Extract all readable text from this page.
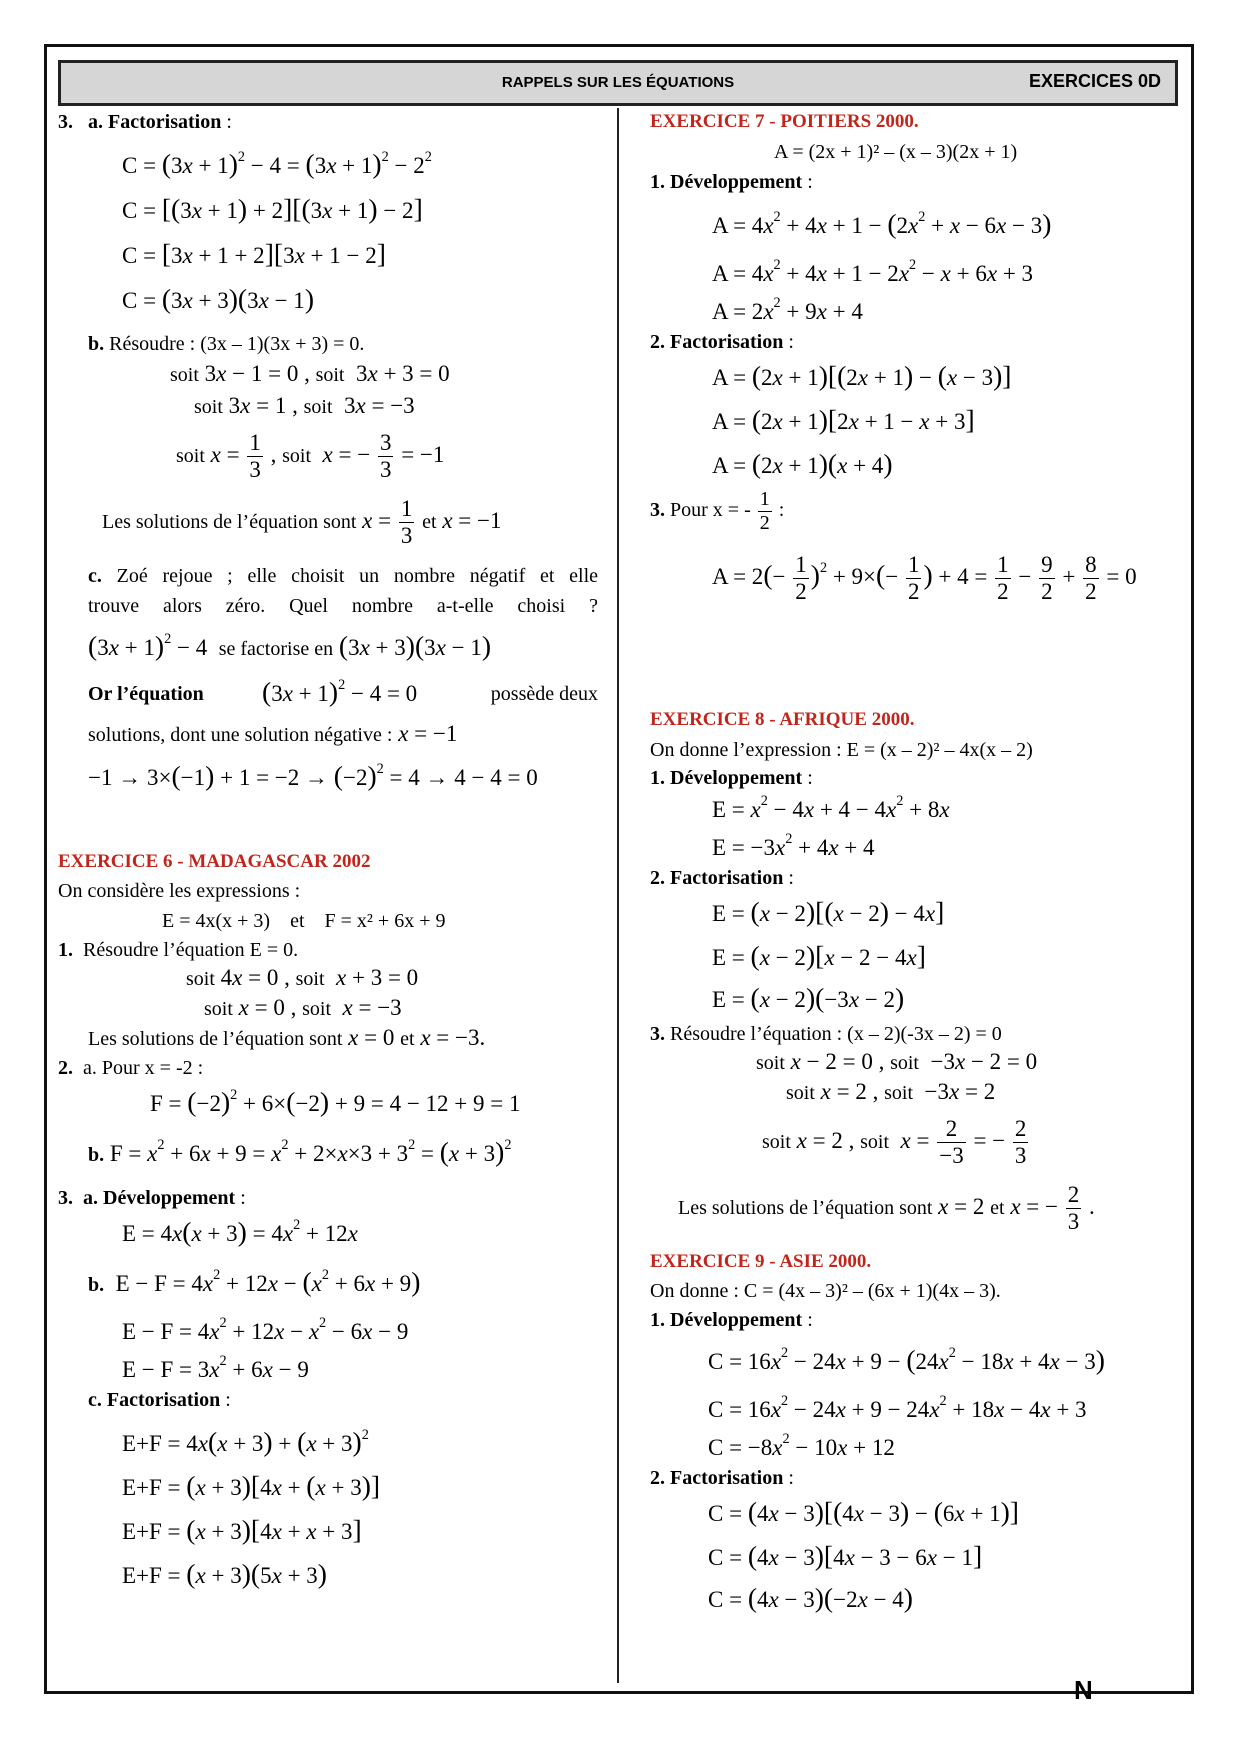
RAPPELS SUR LES ÉQUATIONS	EXERCICES 0D
N
3. a. Factorisation :
$C = (3x + 1)^2 - 4 = (3x + 1)^2 - 2^2$
C = [(3x + 1) + 2][(3x + 1) − 2]
C = [3x + 1 + 2][3x + 1 − 2]
C = (3x + 3)(3x − 1)
b. Résoudre : (3x – 1)(3x + 3) = 0.
soit 3x − 1 = 0 , soit  3x + 3 = 0
soit 3x = 1 , soit  3x = −3
soit $x = \frac{1}{3}$ , soit x = − $\frac{3}{3} = -1$
Les solutions de l’équation sont $x = \frac{1}{3}$ et x = −1
c. Zoé rejoue ; elle choisit un nombre négatif et elle
trouve alors zéro. Quel nombre a-t-elle choisi ?
$(3x + 1)^2 - 4$  se factorise en (3x + 3)(3x − 1)
Or l’équation $(3x + 1)^2 - 4 = 0$	possède deux
solutions, dont une solution négative : x = −1
$-1 \to 3\times(-1) + 1 = -2 \to (-2)^2 = 4 \to 4 - 4 = 0$
EXERCICE 6 - MADAGASCAR 2002
On considère les expressions :
E = 4x(x + 3)    et    F = x² + 6x + 9
1. Résoudre l’équation E = 0.
soit 4x = 0 , soit x + 3 = 0
soit x = 0 , soit x = −3
Les solutions de l’équation sont x = 0 et x = −3.
2. a. Pour x = -2 :
$F = (-2)^2 + 6\times(-2) + 9 = 4 - 12 + 9 = 1$
b. $F = x^2 + 6x + 9 = x^2 + 2\times x\times 3 + 3^2 = (x + 3)^2$
3. a. Développement :
$E = 4x(x + 3) = 4x^2 + 12x$
b.  $E - F = 4x^2 + 12x - (x^2 + 6x + 9)$
$E - F = 4x^2 + 12x - x^2 - 6x - 9$
$E - F = 3x^2 + 6x - 9$
c. Factorisation :
$E+F = 4x(x + 3) + (x + 3)^2$
E+F = (x + 3)[4x + (x + 3)]
E+F = (x + 3)[4x + x + 3]
E+F = (x + 3)(5x + 3)
EXERCICE 7 - POITIERS 2000.
A = (2x + 1)² – (x – 3)(2x + 1)
1. Développement :
$A = 4x^2 + 4x + 1 - (2x^2 + x - 6x - 3)$
$A = 4x^2 + 4x + 1 - 2x^2 - x + 6x + 3$
$A = 2x^2 + 9x + 4$
2. Factorisation :
A = (2x + 1)[(2x + 1) − (x − 3)]
A = (2x + 1)[2x + 1 − x + 3]
A = (2x + 1)(x + 4)
3. Pour x = - $\frac{1}{2}$ :
$A = 2(- \frac{1}{2} )^2 + 9\times(- \frac{1}{2}$ ) + $4 = \frac{1}{2} - \frac{9}{2} + \frac{8}{2} = 0$
EXERCICE 8 - AFRIQUE 2000.
On donne l’expression : E = (x – 2)² – 4x(x – 2)
1. Développement :
$E = x^2 - 4x + 4 - 4x^2 + 8x$
$E = -3x^2 + 4x + 4$
2. Factorisation :
E = (x − 2)[(x − 2) − 4x]
E = (x − 2)[x − 2 − 4x]
E = (x − 2)(−3x − 2)
3. Résoudre l’équation : (x – 2)(-3x – 2) = 0
soit x − 2 = 0 , soit  −3x − 2 = 0
soit x = 2 , soit  −3x = 2
soit x = 2 , soit $x = \frac{2}{-3}$ = − $\frac{2}{3}$
Les solutions de l’équation sont x = 2 et x = − $\frac{2}{3}$ .
EXERCICE 9 - ASIE 2000.
On donne : C = (4x – 3)² – (6x + 1)(4x – 3).
1. Développement :
$C = 16x^2 - 24x + 9 - (24x^2 - 18x + 4x - 3)$
$C = 16x^2 - 24x + 9 - 24x^2 + 18x - 4x + 3$
$C = -8x^2 - 10x + 12$
2. Factorisation :
C = (4x − 3)[(4x − 3) − (6x + 1)]
C = (4x − 3)[4x − 3 − 6x − 1]
C = (4x − 3)(−2x − 4)
